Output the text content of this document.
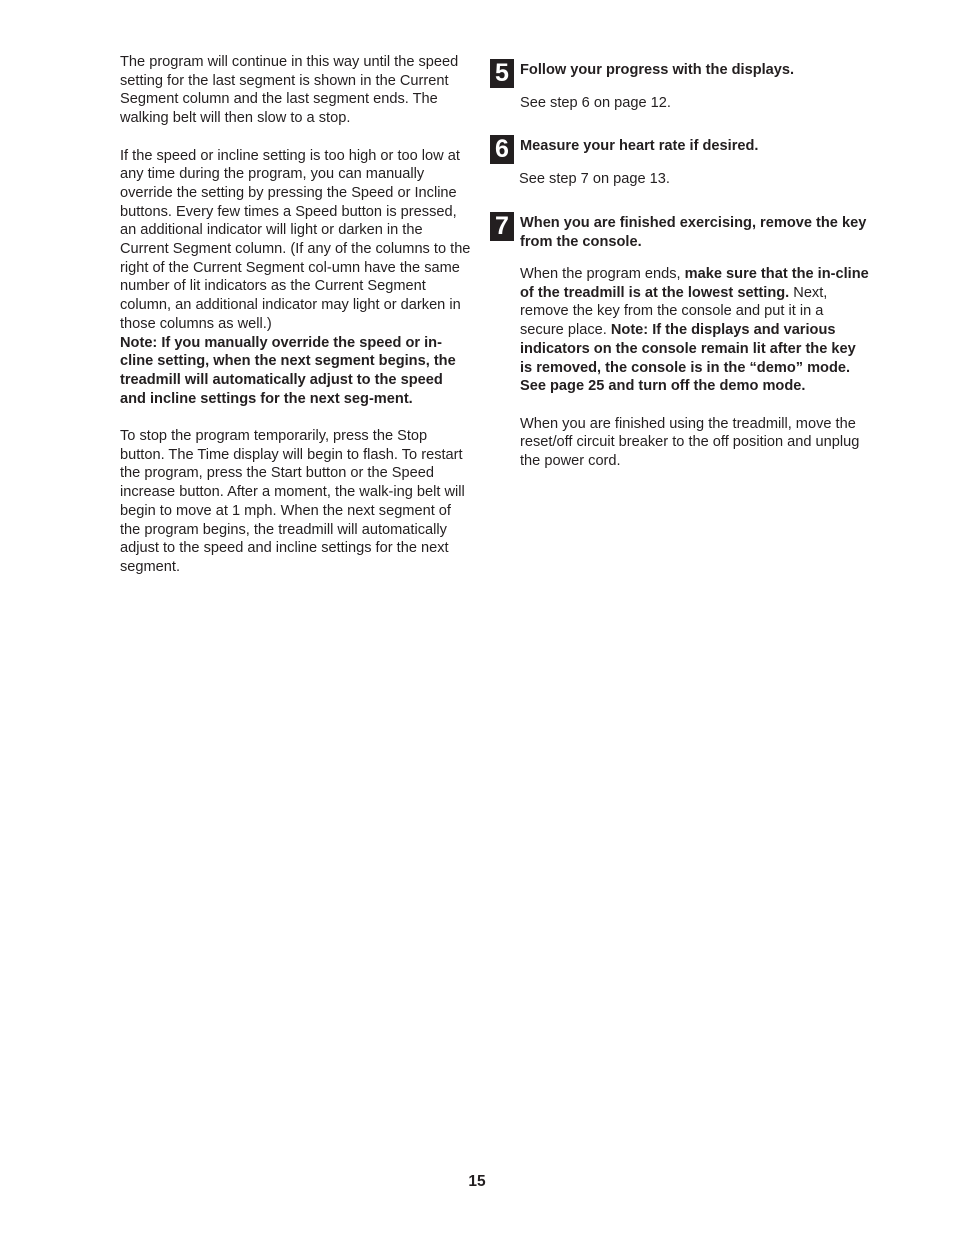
The program will continue in this way until the speed setting for the last segment is shown in the Current Segment column and the last segment ends. The walking belt will then slow to a stop.

If the speed or incline setting is too high or too low at any time during the program, you can manually override the setting by pressing the Speed or Incline buttons. Every few times a Speed button is pressed, an additional indicator will light or darken in the Current Segment column. (If any of the columns to the right of the Current Segment col-umn have the same number of lit indicators as the Current Segment column, an additional indicator may light or darken in those columns as well.)
Note: If you manually override the speed or in-cline setting, when the next segment begins, the treadmill will automatically adjust to the speed and incline settings for the next seg-ment.

To stop the program temporarily, press the Stop button. The Time display will begin to flash. To restart the program, press the Start button or the Speed increase button. After a moment, the walk-ing belt will begin to move at 1 mph. When the next segment of the program begins, the treadmill will automatically adjust to the speed and incline settings for the next segment.

5 Follow your progress with the displays.
See step 6 on page 12.
6 Measure your heart rate if desired.
See step 7 on page 13.
7 When you are finished exercising, remove the key from the console.

When the program ends, make sure that the in-cline of the treadmill is at the lowest setting. Next, remove the key from the console and put it in a secure place. Note: If the displays and various indicators on the console remain lit after the key is removed, the console is in the “demo” mode. See page 25 and turn off the demo mode.

When you are finished using the treadmill, move the reset/off circuit breaker to the off position and unplug the power cord.

15
